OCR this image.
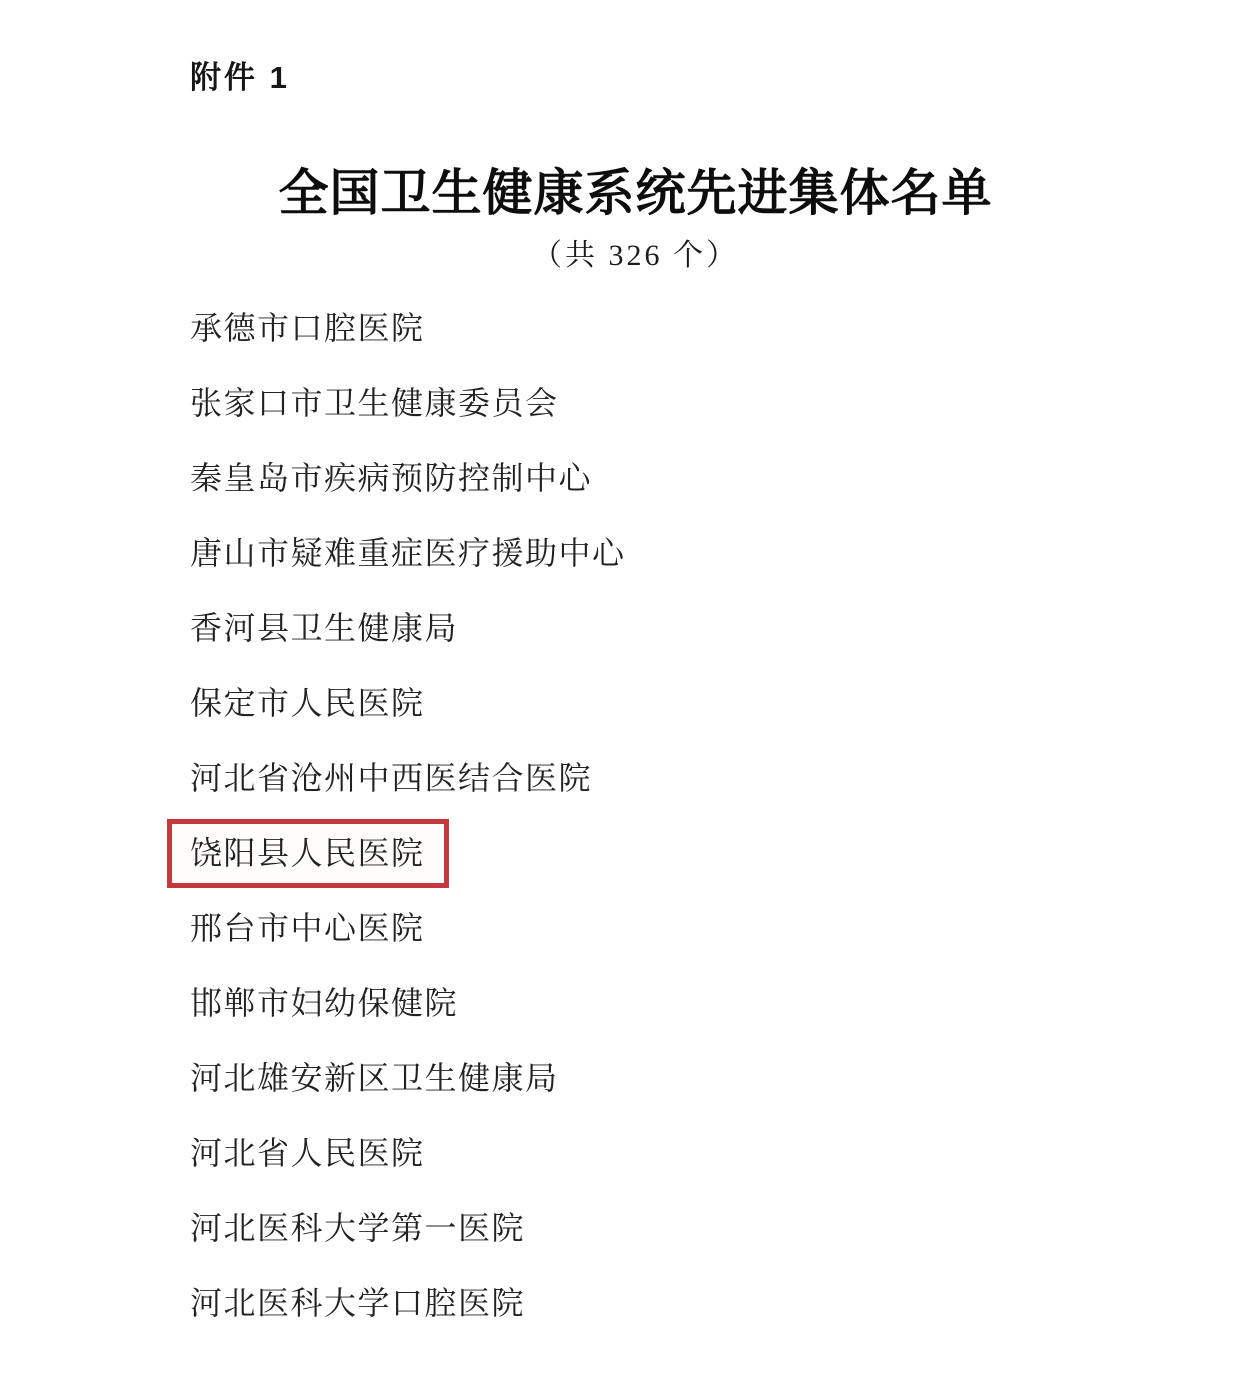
附件 1
全国卫生健康系统先进集体名单
（共 326 个）
承德市口腔医院
张家口市卫生健康委员会
秦皇岛市疾病预防控制中心
唐山市疑难重症医疗援助中心
香河县卫生健康局
保定市人民医院
河北省沧州中西医结合医院
饶阳县人民医院
邢台市中心医院
邯郸市妇幼保健院
河北雄安新区卫生健康局
河北省人民医院
河北医科大学第一医院
河北医科大学口腔医院
